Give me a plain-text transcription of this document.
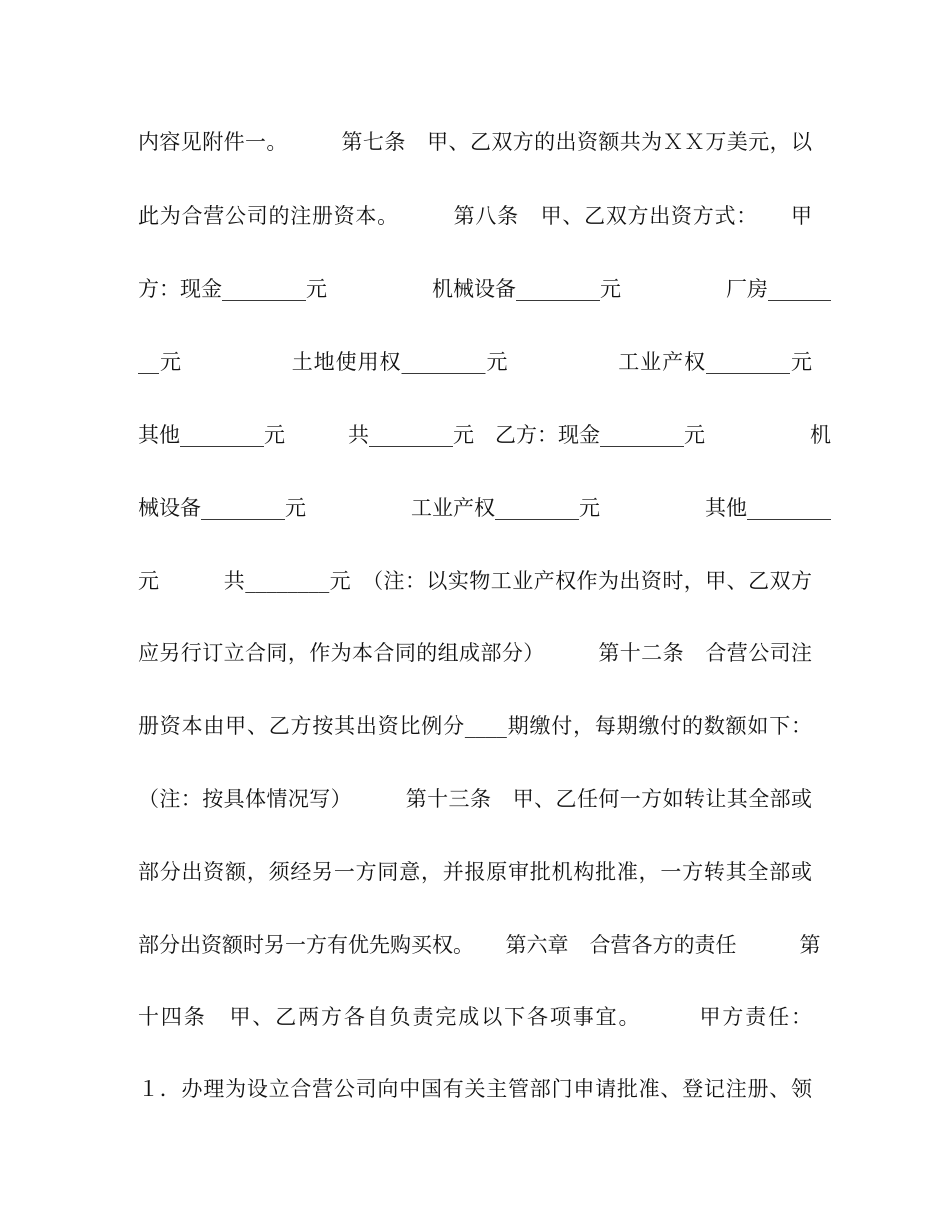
内容见附件一。　　　第七条　甲、乙双方的出资额共为ＸＸ万美元，以
此为合营公司的注册资本。　　　第八条　甲、乙双方出资方式：　　甲
方：现金________元　　　　　机械设备________元　　　　　厂房______
__元　　　　　土地使用权________元　　　　　工业产权________元
其他________元　　　共________元　乙方：现金________元　　　　　机
械设备________元　　　　　工业产权________元　　　　　其他________
元　　　共________元　（注：以实物工业产权作为出资时，甲、乙双方
应另行订立合同，作为本合同的组成部分）　　　第十二条　合营公司注
册资本由甲、乙方按其出资比例分____期缴付，每期缴付的数额如下：
（注：按具体情况写）　　　第十三条　甲、乙任何一方如转让其全部或
部分出资额，须经另一方同意，并报原审批机构批准，一方转其全部或
部分出资额时另一方有优先购买权。　　第六章　合营各方的责任　　　第
十四条　甲、乙两方各自负责完成以下各项事宜。　　　甲方责任：
１．办理为设立合营公司向中国有关主管部门申请批准、登记注册、领
